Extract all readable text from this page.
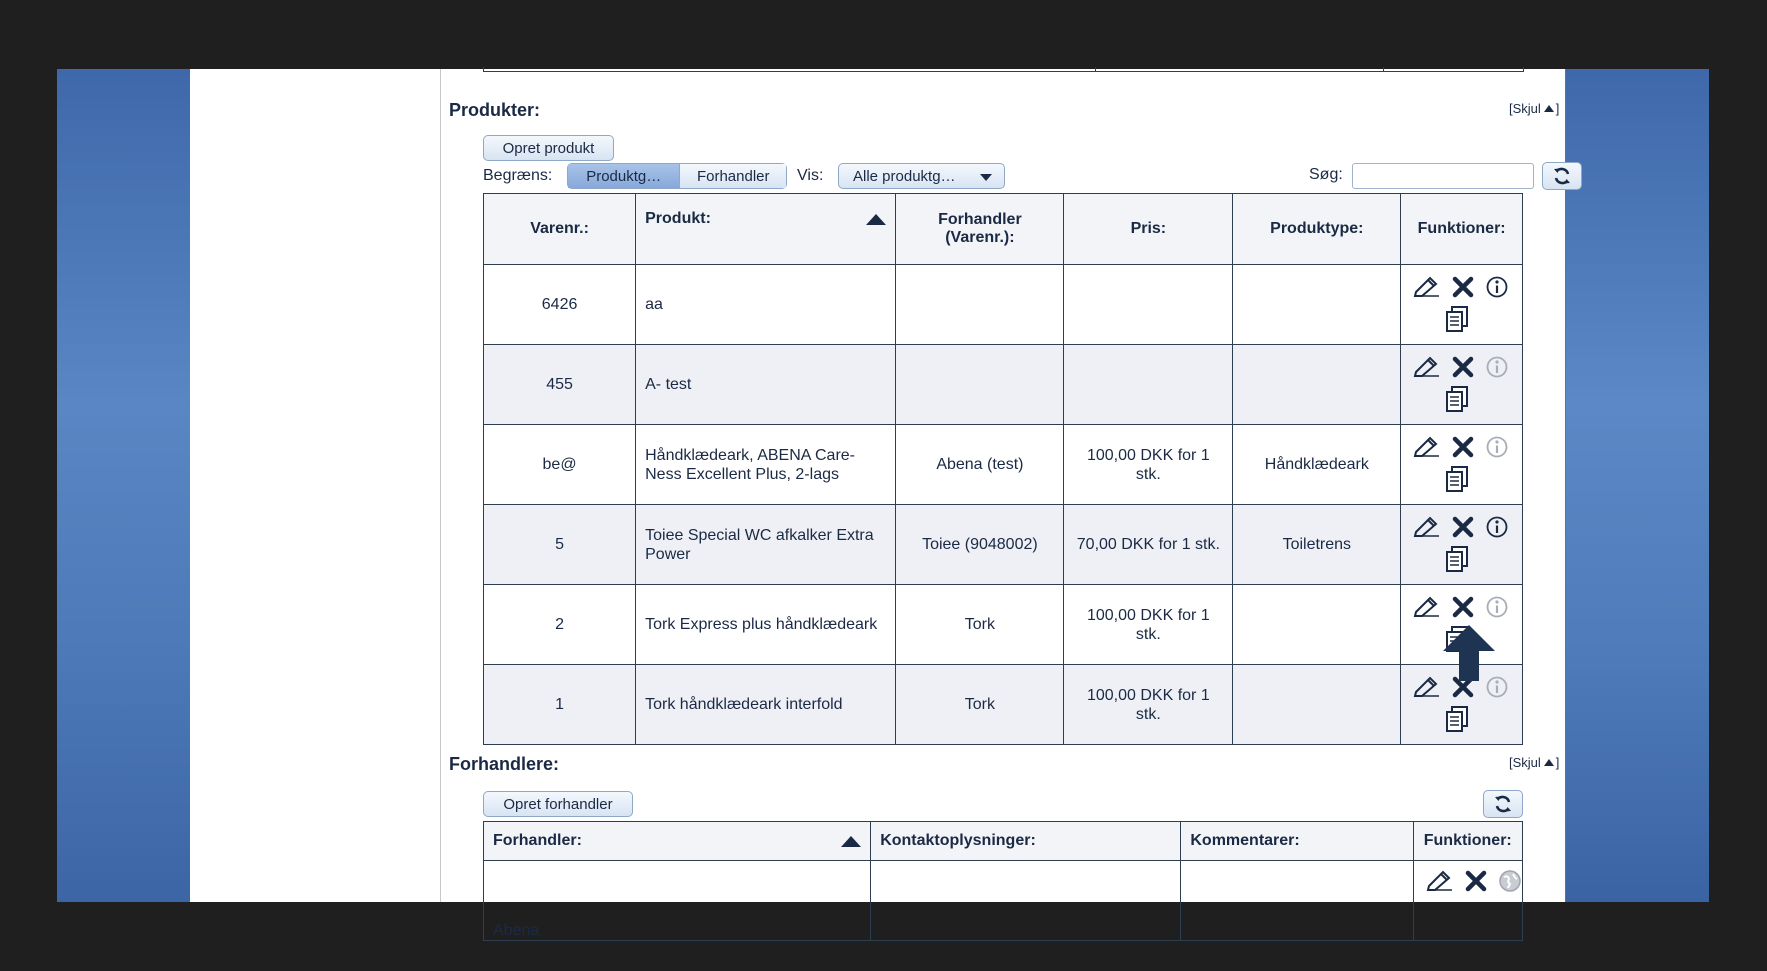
Produkter:	[Skjul ]
Opret produkt
Begræns:	Produktg…	Forhandler	Vis: Alle produktg…	Søg:
Varenr.:	Produkt:	Forhandler (Varenr.):	Pris:	Produktype:	Funktioner:
6426	aa				

455	A- test				

be@	Håndklædeark, ABENA Care-Ness Excellent Plus, 2-lags	Abena (test)	100,00 DKK for 1 stk.	Håndklædeark	

5	Toiee Special WC afkalker Extra Power	Toiee (9048002)	70,00 DKK for 1 stk.	Toiletrens	

2	Tork Express plus håndklædeark	Tork	100,00 DKK for 1 stk.		

1	Tork håndklædeark interfold	Tork	100,00 DKK for 1 stk.		
Forhandlere:	[Skjul ]
Opret forhandler
Forhandler:	Kontaktoplysninger:	Kommentarer:	Funktioner:
Abena			
